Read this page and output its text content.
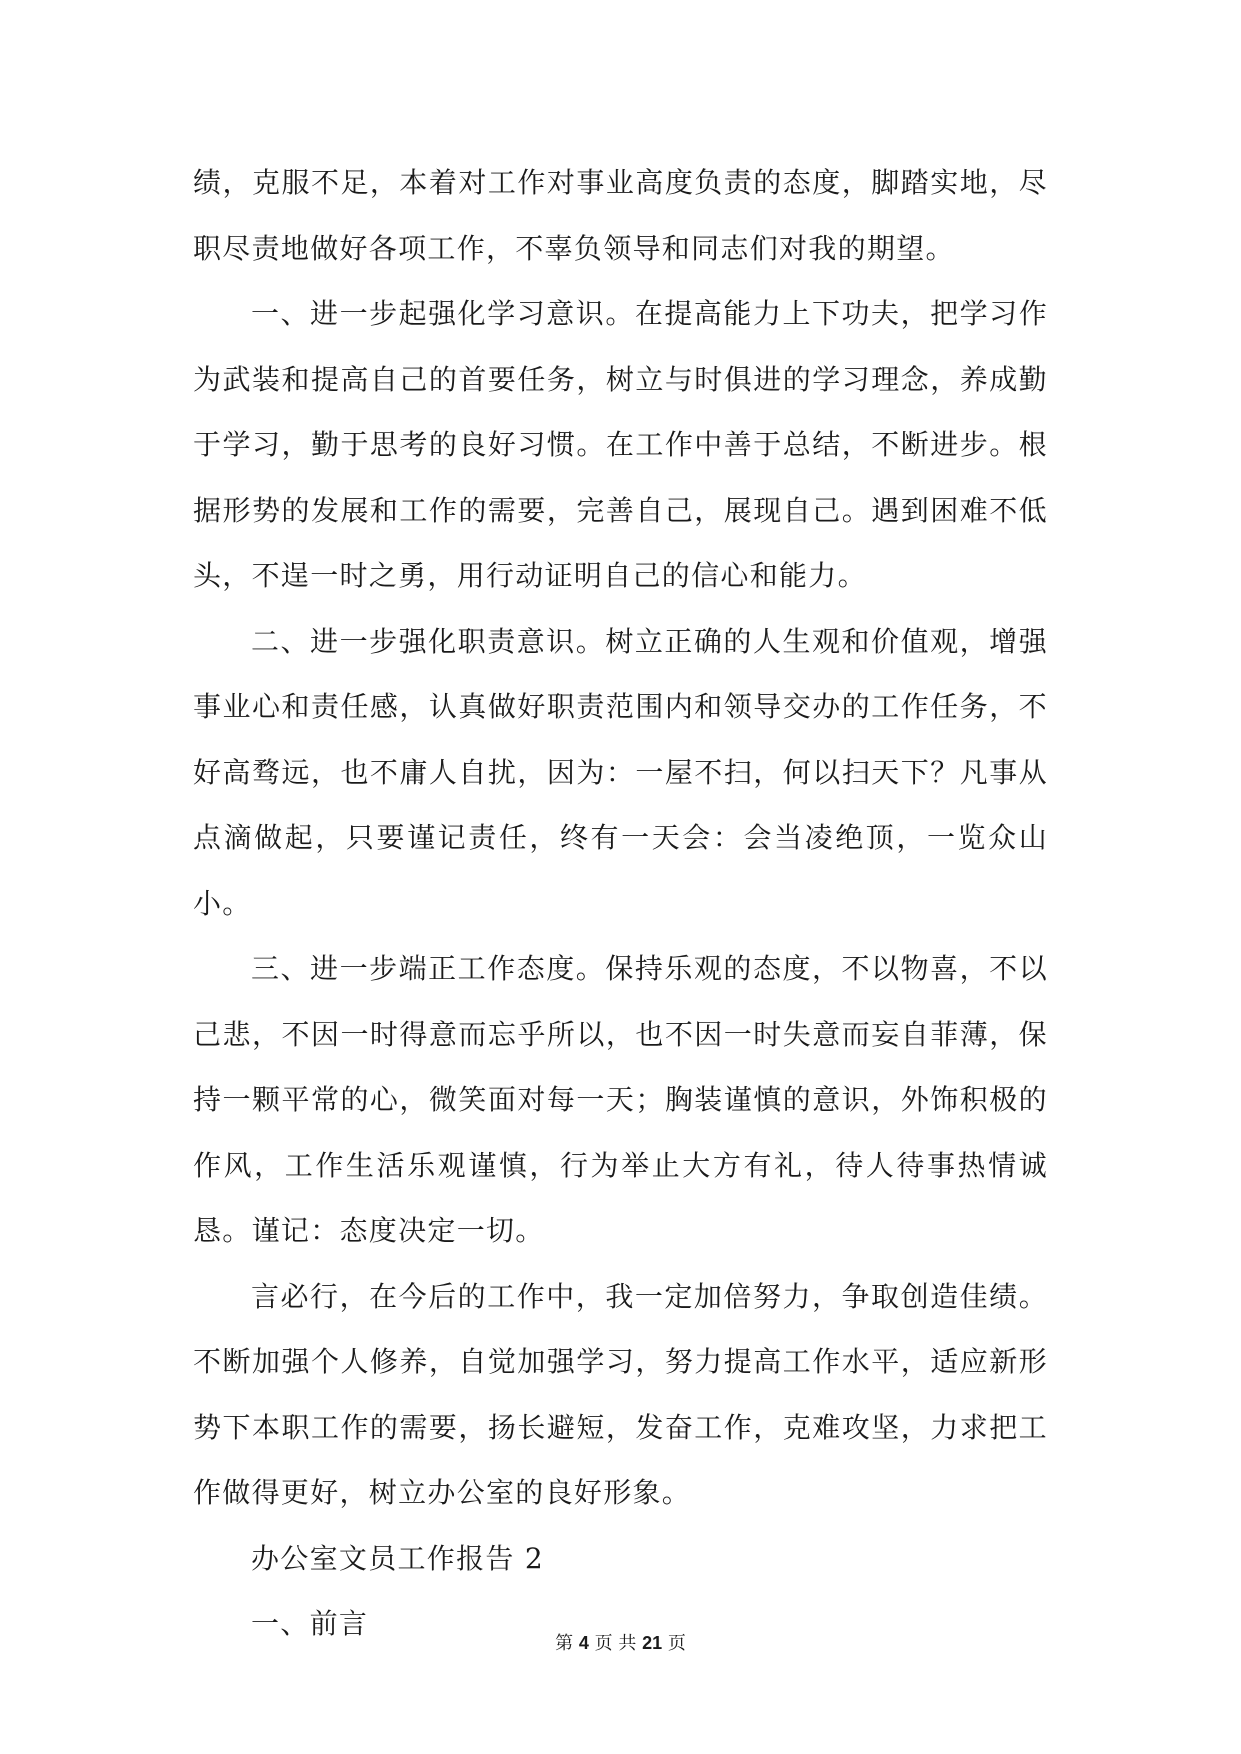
绩，克服不足，本着对工作对事业高度负责的态度，脚踏实地，尽职尽责地做好各项工作，不辜负领导和同志们对我的期望。

一、进一步起强化学习意识。在提高能力上下功夫，把学习作为武装和提高自己的首要任务，树立与时俱进的学习理念，养成勤于学习，勤于思考的良好习惯。在工作中善于总结，不断进步。根据形势的发展和工作的需要，完善自己，展现自己。遇到困难不低头，不逞一时之勇，用行动证明自己的信心和能力。

二、进一步强化职责意识。树立正确的人生观和价值观，增强事业心和责任感，认真做好职责范围内和领导交办的工作任务，不好高骛远，也不庸人自扰，因为：一屋不扫，何以扫天下？凡事从点滴做起，只要谨记责任，终有一天会：会当凌绝顶，一览众山小。

三、进一步端正工作态度。保持乐观的态度，不以物喜，不以己悲，不因一时得意而忘乎所以，也不因一时失意而妄自菲薄，保持一颗平常的心，微笑面对每一天；胸装谨慎的意识，外饰积极的作风，工作生活乐观谨慎，行为举止大方有礼，待人待事热情诚恳。谨记：态度决定一切。

言必行，在今后的工作中，我一定加倍努力，争取创造佳绩。不断加强个人修养，自觉加强学习，努力提高工作水平，适应新形势下本职工作的需要，扬长避短，发奋工作，克难攻坚，力求把工作做得更好，树立办公室的良好形象。

办公室文员工作报告 2

一、前言

第 4 页 共 21 页
